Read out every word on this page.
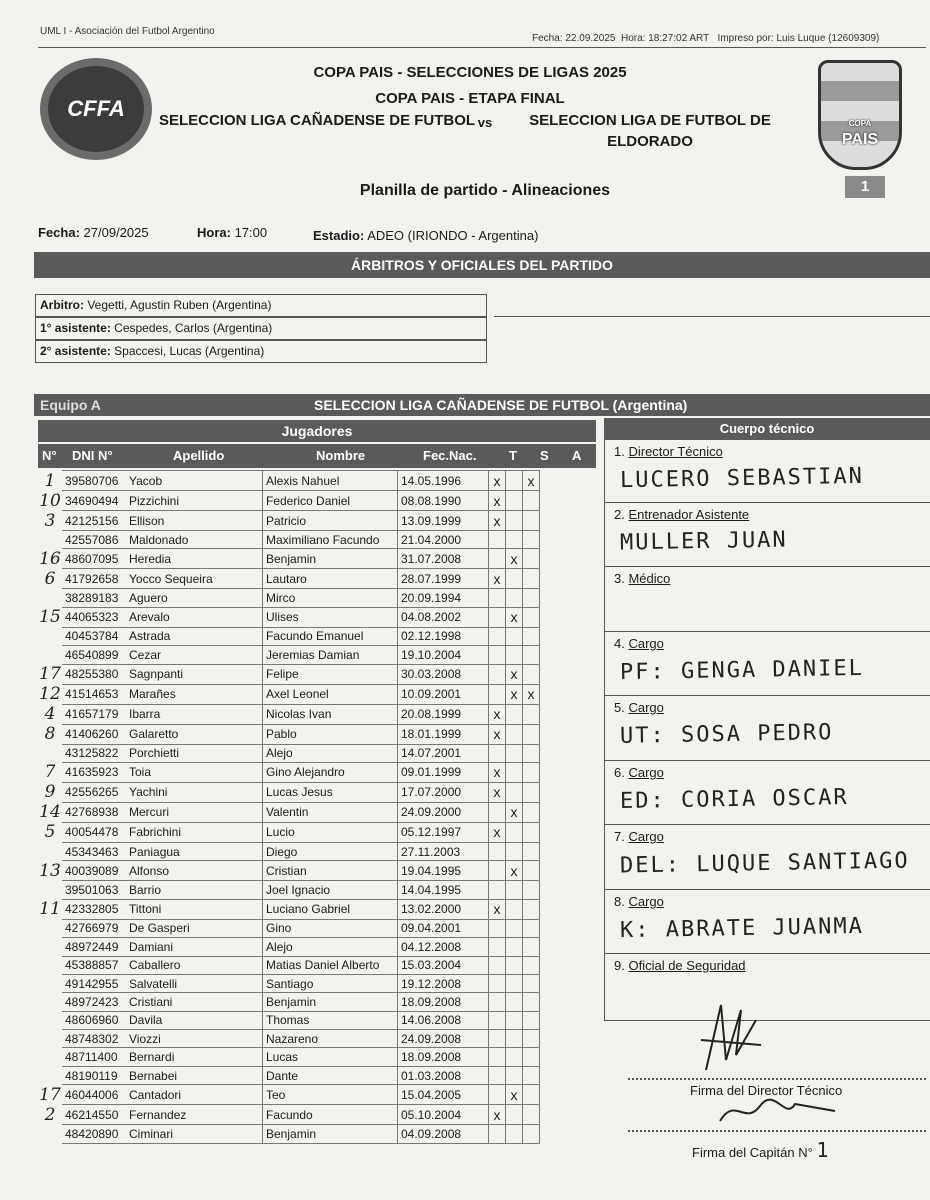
UML I - Asociación del Futbol Argentino
Fecha: 22.09.2025 Hora: 18:27:02 ART Impreso por: Luis Luque (12609309)
CFFA
COPA
PAIS
COPA PAIS - SELECCIONES DE LIGAS 2025
COPA PAIS - ETAPA FINAL
SELECCION LIGA CAÑADENSE DE FUTBOL vs	SELECCION LIGA DE FUTBOL DE ELDORADO
Planilla de partido - Alineaciones	1
Fecha: 27/09/2025	Hora: 17:00	Estadio: ADEO (IRIONDO - Argentina)
ÁRBITROS Y OFICIALES DEL PARTIDO
Arbitro: Vegetti, Agustin Ruben (Argentina)
1° asistente: Cespedes, Carlos (Argentina)
2° asistente: Spaccesi, Lucas (Argentina)
Equipo A	SELECCION LIGA CAÑADENSE DE FUTBOL (Argentina)
Jugadores
N° DNI N°	Apellido	Nombre	Fec.Nac.	T S A
1	39580706	Yacob	Alexis Nahuel	14.05.1996	x		x
10	34690494	Pizzichini	Federico Daniel	08.08.1990	x		
3	42125156	Ellison	Patricio	13.09.1999	x		
	42557086	Maldonado	Maximiliano Facundo	21.04.2000			
16	48607095	Heredia	Benjamin	31.07.2008		x	
6	41792658	Yocco Sequeira	Lautaro	28.07.1999	x		
	38289183	Aguero	Mirco	20.09.1994			
15	44065323	Arevalo	Ulises	04.08.2002		x	
	40453784	Astrada	Facundo Emanuel	02.12.1998			
	46540899	Cezar	Jeremias Damian	19.10.2004			
17	48255380	Sagnpanti	Felipe	30.03.2008		x	
12	41514653	Marañes	Axel Leonel	10.09.2001		x	x
4	41657179	Ibarra	Nicolas Ivan	20.08.1999	x		
8	41406260	Galaretto	Pablo	18.01.1999	x		
	43125822	Porchietti	Alejo	14.07.2001			
7	41635923	Toia	Gino Alejandro	09.01.1999	x		
9	42556265	Yachini	Lucas Jesus	17.07.2000	x		
14	42768938	Mercuri	Valentin	24.09.2000		x	
5	40054478	Fabrichini	Lucio	05.12.1997	x		
	45343463	Paniagua	Diego	27.11.2003			
13	40039089	Alfonso	Cristian	19.04.1995		x	
	39501063	Barrio	Joel Ignacio	14.04.1995			
11	42332805	Tittoni	Luciano Gabriel	13.02.2000	x		
	42766979	De Gasperi	Gino	09.04.2001			
	48972449	Damiani	Alejo	04.12.2008			
	45388857	Caballero	Matias Daniel Alberto	15.03.2004			
	49142955	Salvatelli	Santiago	19.12.2008			
	48972423	Cristiani	Benjamin	18.09.2008			
	48606960	Davila	Thomas	14.06.2008			
	48748302	Viozzi	Nazareno	24.09.2008			
	48711400	Bernardi	Lucas	18.09.2008			
	48190119	Bernabei	Dante	01.03.2008			
17	46044006	Cantadori	Teo	15.04.2005		x	
2	46214550	Fernandez	Facundo	05.10.2004	x		
	48420890	Ciminari	Benjamin	04.09.2008			
Cuerpo técnico
1. Director Técnico
LUCERO SEBASTIAN
2. Entrenador Asistente
MULLER JUAN
3. Médico
4. Cargo
PF: GENGA DANIEL
5. Cargo
UT: SOSA PEDRO
6. Cargo
ED: CORIA OSCAR
7. Cargo
DEL: LUQUE SANTIAGO
8. Cargo
K: ABRATE JUANMA
9. Oficial de Seguridad
Firma del Director Técnico
Firma del Capitán N° 1
